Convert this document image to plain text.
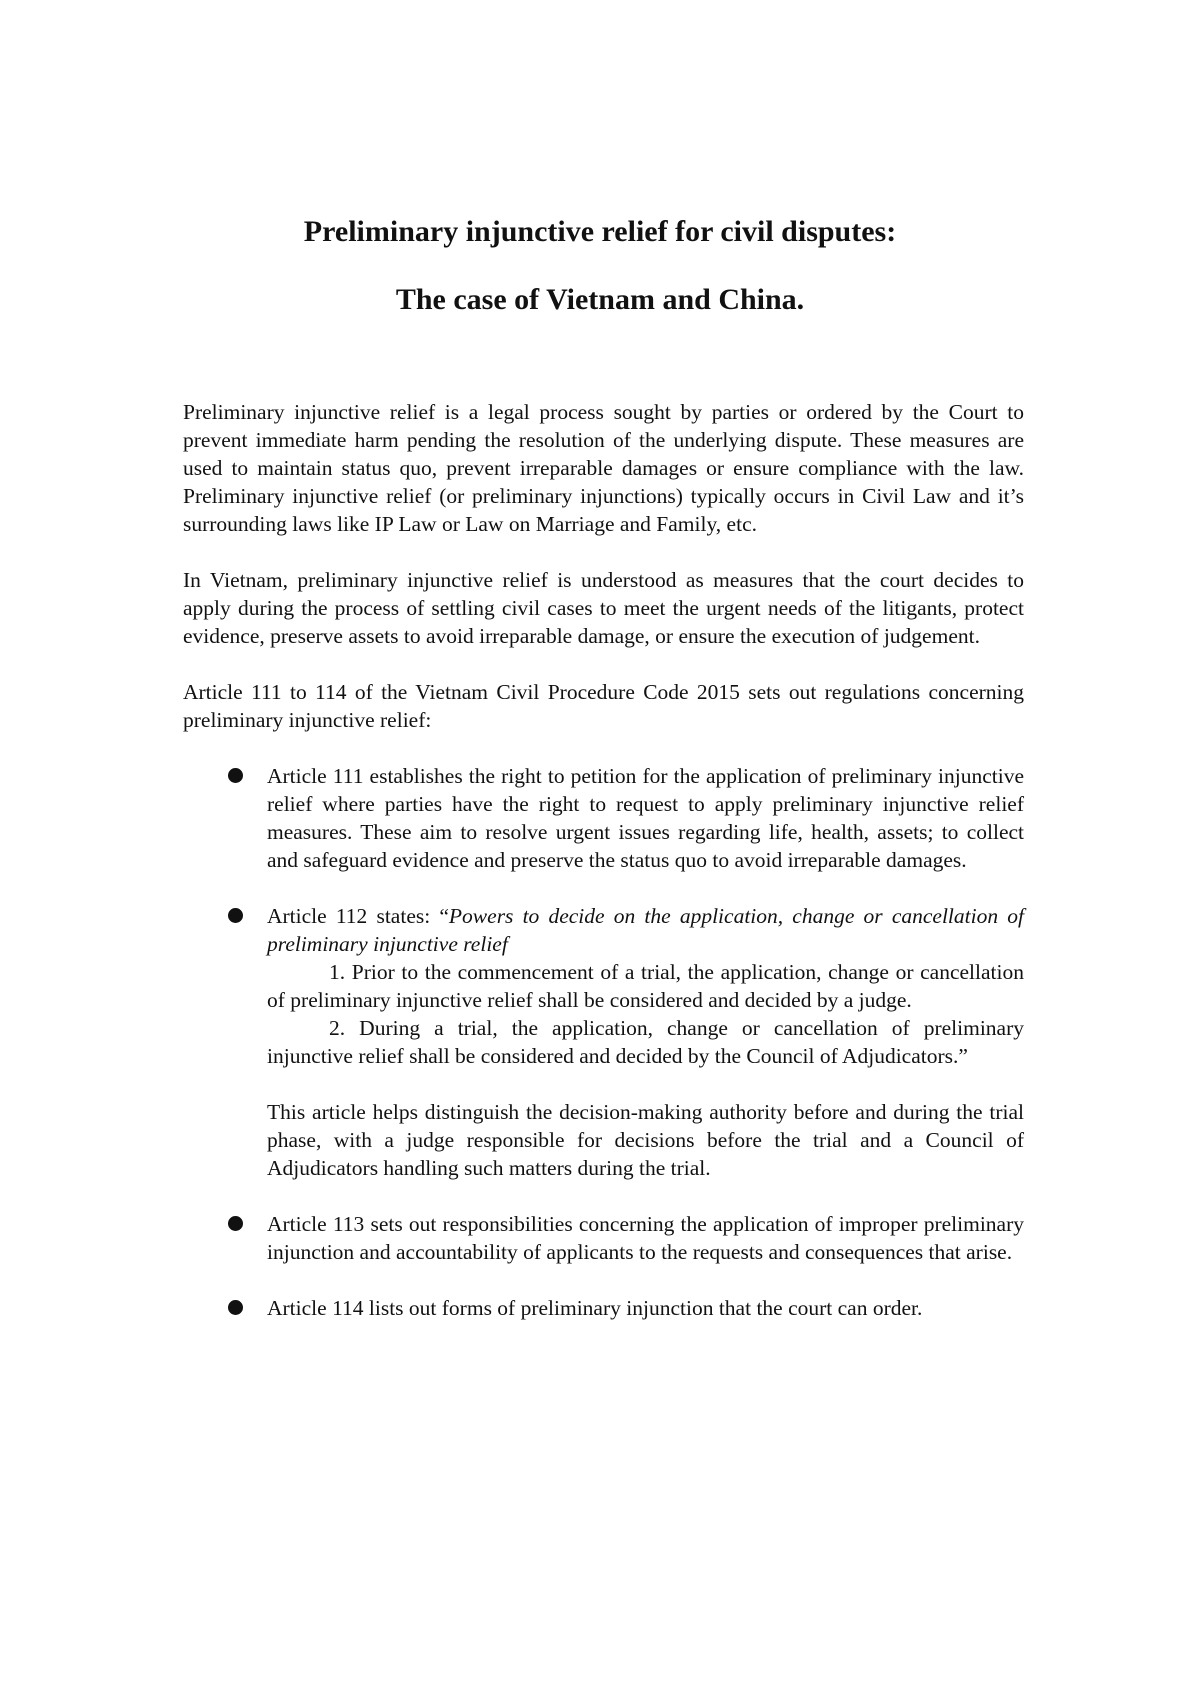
Preliminary injunctive relief for civil disputes:
The case of Vietnam and China.

Preliminary injunctive relief is a legal process sought by parties or ordered by the Court to prevent immediate harm pending the resolution of the underlying dispute. These measures are used to maintain status quo, prevent irreparable damages or ensure compliance with the law. Preliminary injunctive relief (or preliminary injunctions) typically occurs in Civil Law and it’s surrounding laws like IP Law or Law on Marriage and Family, etc.

In Vietnam, preliminary injunctive relief is understood as measures that the court decides to apply during the process of settling civil cases to meet the urgent needs of the litigants, protect evidence, preserve assets to avoid irreparable damage, or ensure the execution of judgement.

Article 111 to 114 of the Vietnam Civil Procedure Code 2015 sets out regulations concerning preliminary injunctive relief:

Article 111 establishes the right to petition for the application of preliminary injunctive relief where parties have the right to request to apply preliminary injunctive relief measures. These aim to resolve urgent issues regarding life, health, assets; to collect and safeguard evidence and preserve the status quo to avoid irreparable damages.
Article 112 states: “Powers to decide on the application, change or cancellation of preliminary injunctive relief
1. Prior to the commencement of a trial, the application, change or cancellation of preliminary injunctive relief shall be considered and decided by a judge.
2. During a trial, the application, change or cancellation of preliminary injunctive relief shall be considered and decided by the Council of Adjudicators.”
This article helps distinguish the decision-making authority before and during the trial phase, with a judge responsible for decisions before the trial and a Council of Adjudicators handling such matters during the trial.
Article 113 sets out responsibilities concerning the application of improper preliminary injunction and accountability of applicants to the requests and consequences that arise.
Article 114 lists out forms of preliminary injunction that the court can order.
